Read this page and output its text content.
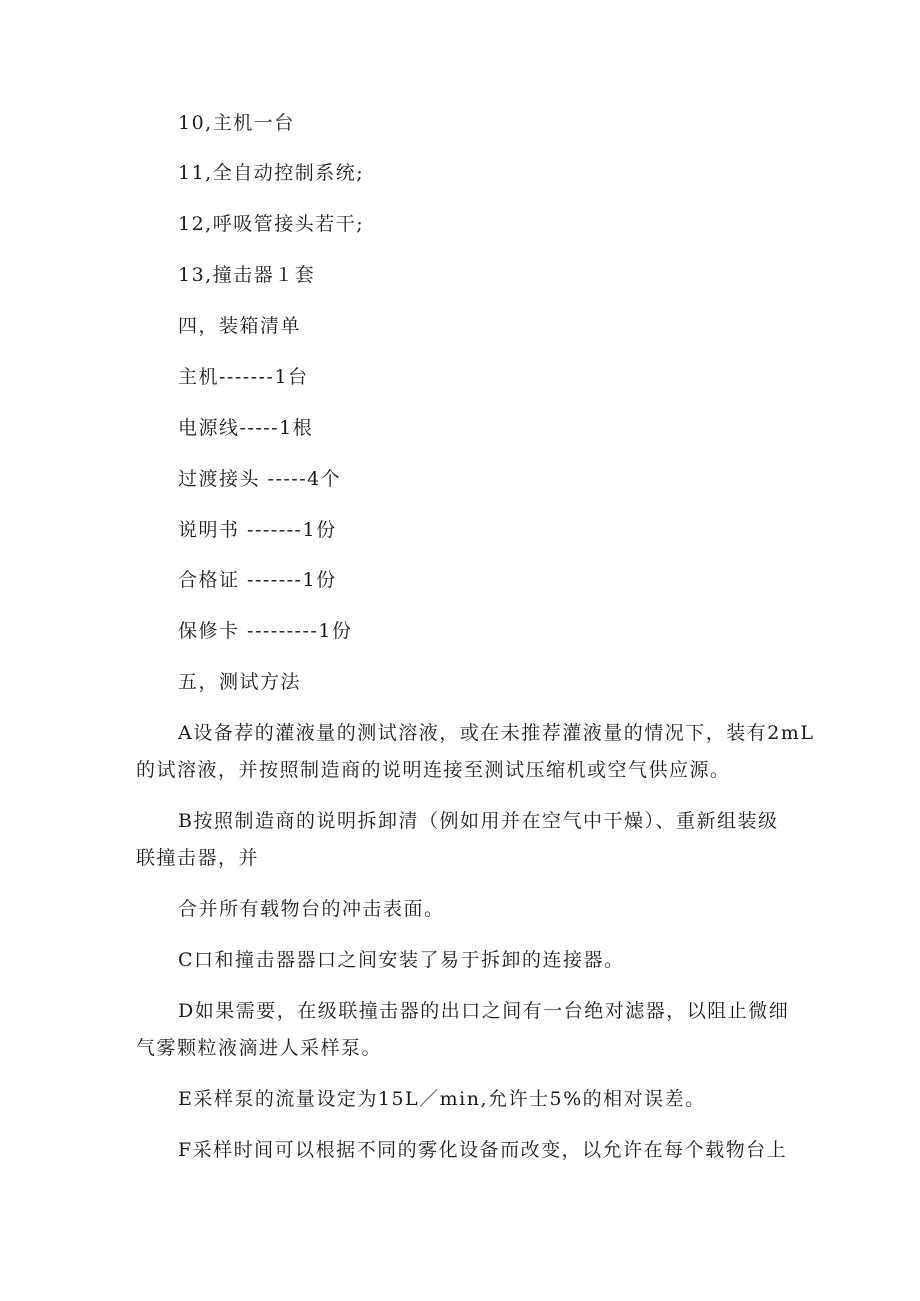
10,主机一台
11,全自动控制系统;
12,呼吸管接头若干;
13,撞击器１套
四，装箱清单
主机-------1台
电源线-----1根
过渡接头 -----4个
说明书 -------1份
合格证 -------1份
保修卡 ---------1份
五，测试方法
A设备荐的灌液量的测试溶液，或在未推荐灌液量的情况下，装有2mL
的试溶液，并按照制造商的说明连接至测试压缩机或空气供应源。
B按照制造商的说明拆卸清（例如用并在空气中干燥）、重新组装级
联撞击器，并
合并所有载物台的冲击表面。
C口和撞击器器口之间安装了易于拆卸的连接器。
D如果需要，在级联撞击器的出口之间有一台绝对滤器，以阻止微细
气雾颗粒液滴进人采样泵。
E采样泵的流量设定为15L／min,允许士5%的相对误差。
F采样时间可以根据不同的雾化设备而改变，以允许在每个载物台上
